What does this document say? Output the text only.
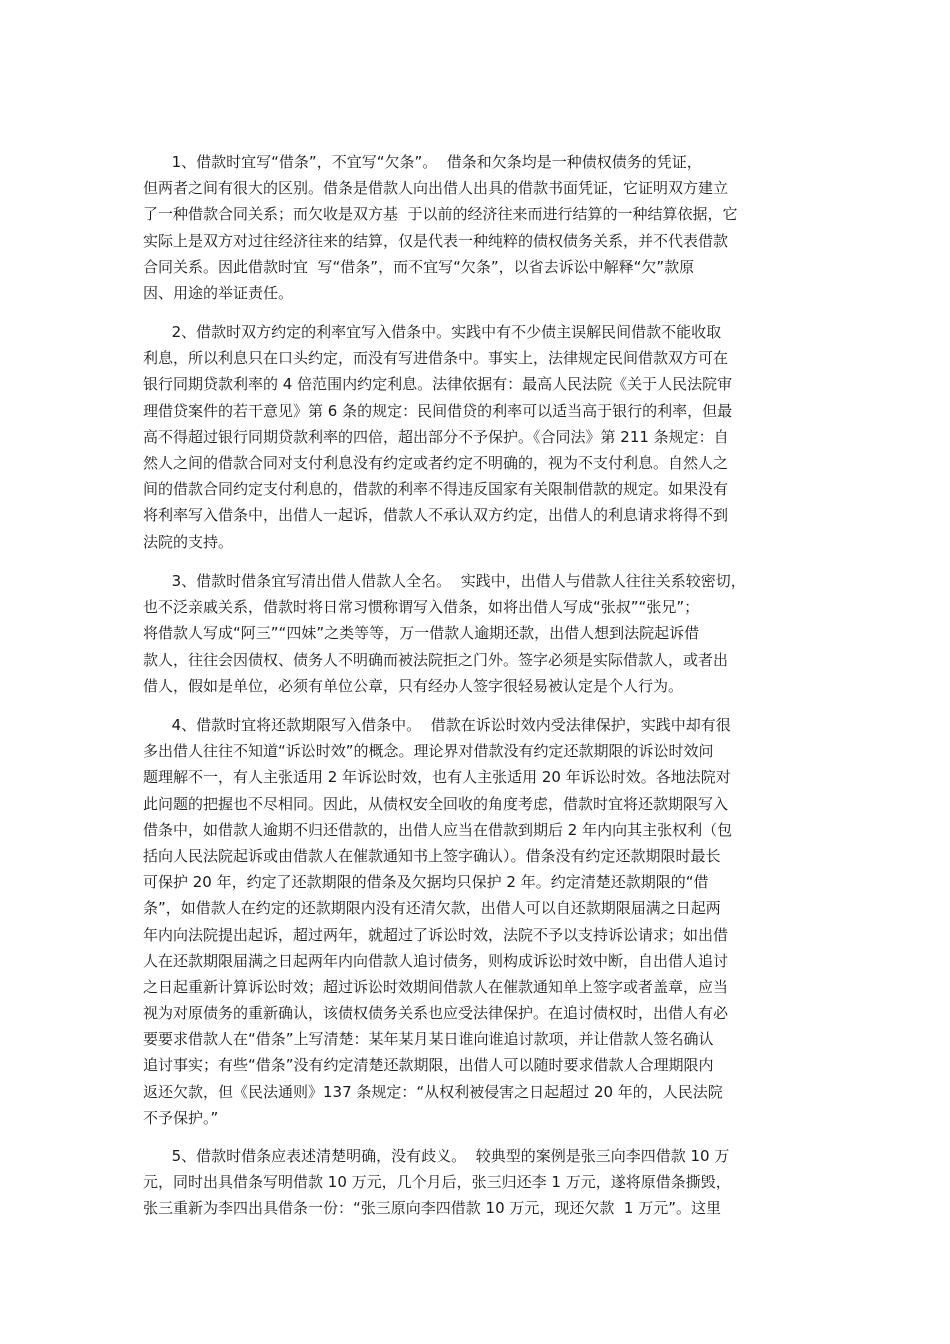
1、借款时宜写“借条”，不宜写“欠条”。  借条和欠条均是一种债权债务的凭证，
但两者之间有很大的区别。借条是借款人向出借人出具的借款书面凭证，它证明双方建立
了一种借款合同关系；而欠收是双方基  于以前的经济往来而进行结算的一种结算依据，它
实际上是双方对过往经济往来的结算，仅是代表一种纯粹的债权债务关系，并不代表借款
合同关系。因此借款时宜  写“借条”，而不宜写“欠条”，以省去诉讼中解释“欠”款原
因、用途的举证责任。
2、借款时双方约定的利率宜写入借条中。实践中有不少债主误解民间借款不能收取
利息，所以利息只在口头约定，而没有写进借条中。事实上，法律规定民间借款双方可在
银行同期贷款利率的 4 倍范围内约定利息。法律依据有：最高人民法院《关于人民法院审
理借贷案件的若干意见》第 6 条的规定：民间借贷的利率可以适当高于银行的利率，但最
高不得超过银行同期贷款利率的四倍，超出部分不予保护。《合同法》第 211 条规定：自
然人之间的借款合同对支付利息没有约定或者约定不明确的，视为不支付利息。自然人之
间的借款合同约定支付利息的，借款的利率不得违反国家有关限制借款的规定。如果没有
将利率写入借条中，出借人一起诉，借款人不承认双方约定，出借人的利息请求将得不到
法院的支持。
3、借款时借条宜写清出借人借款人全名。  实践中，出借人与借款人往往关系较密切，
也不泛亲戚关系，借款时将日常习惯称谓写入借条，如将出借人写成“张叔”“张兄”；
将借款人写成“阿三”“四妹”之类等等，万一借款人逾期还款，出借人想到法院起诉借
款人，往往会因债权、债务人不明确而被法院拒之门外。签字必须是实际借款人，或者出
借人，假如是单位，必须有单位公章，只有经办人签字很轻易被认定是个人行为。
4、借款时宜将还款期限写入借条中。  借款在诉讼时效内受法律保护，实践中却有很
多出借人往往不知道“诉讼时效”的概念。理论界对借款没有约定还款期限的诉讼时效问
题理解不一，有人主张适用 2 年诉讼时效，也有人主张适用 20 年诉讼时效。各地法院对
此问题的把握也不尽相同。因此，从债权安全回收的角度考虑，借款时宜将还款期限写入
借条中，如借款人逾期不归还借款的，出借人应当在借款到期后 2 年内向其主张权利（包
括向人民法院起诉或由借款人在催款通知书上签字确认）。借条没有约定还款期限时最长
可保护 20 年，约定了还款期限的借条及欠据均只保护 2 年。约定清楚还款期限的“借
条”，如借款人在约定的还款期限内没有还清欠款，出借人可以自还款期限届满之日起两
年内向法院提出起诉，超过两年，就超过了诉讼时效，法院不予以支持诉讼请求；如出借
人在还款期限届满之日起两年内向借款人追讨债务，则构成诉讼时效中断，自出借人追讨
之日起重新计算诉讼时效；超过诉讼时效期间借款人在催款通知单上签字或者盖章，应当
视为对原债务的重新确认，该债权债务关系也应受法律保护。在追讨债权时，出借人有必
要要求借款人在“借条”上写清楚：某年某月某日谁向谁追讨款项，并让借款人签名确认
追讨事实；有些“借条”没有约定清楚还款期限，出借人可以随时要求借款人合理期限内
返还欠款，但《民法通则》137 条规定：“从权利被侵害之日起超过 20 年的，人民法院
不予保护。”
5、借款时借条应表述清楚明确，没有歧义。  较典型的案例是张三向李四借款 10 万
元，同时出具借条写明借款 10 万元，几个月后，张三归还李 1 万元，遂将原借条撕毁，
张三重新为李四出具借条一份：“张三原向李四借款 10 万元，现还欠款  1 万元”。这里
